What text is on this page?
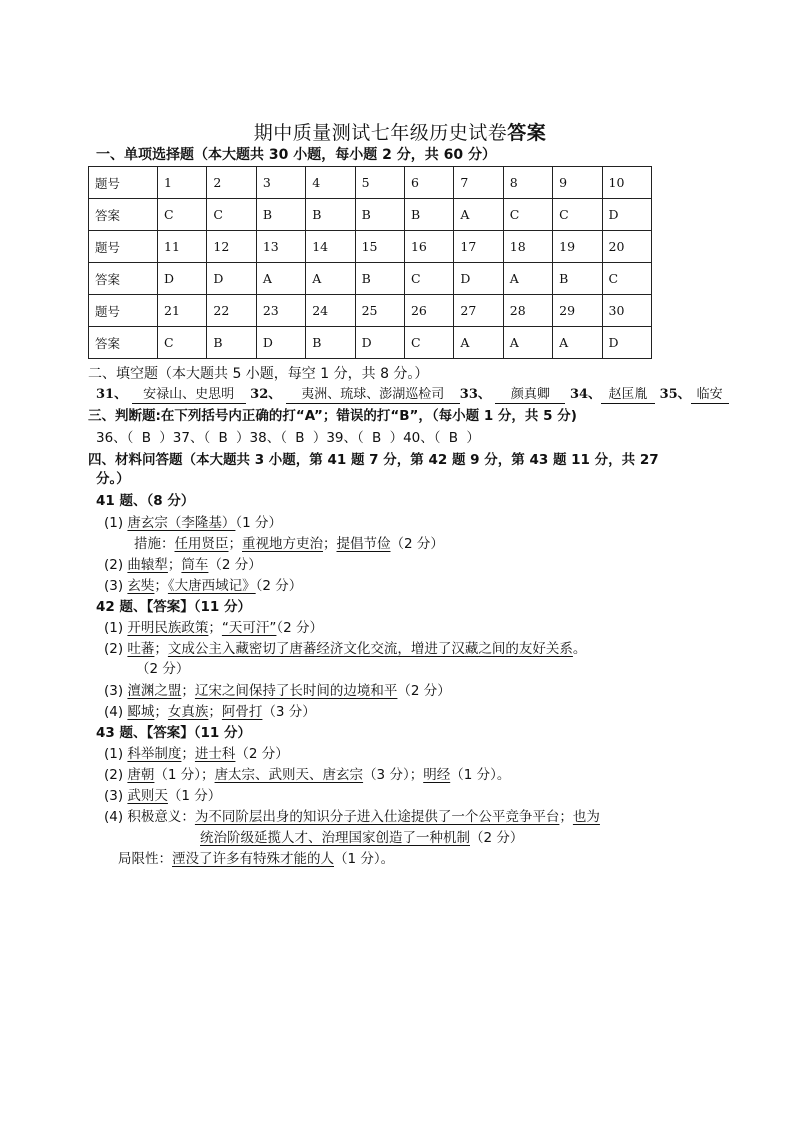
期中质量测试七年级历史试卷答案
一、单项选择题（本大题共 30 小题，每小题 2 分，共 60 分）
题号	1	2	3	4	5	6	7	8	9	10
答案	C	C	B	B	B	B	A	C	C	D
题号	11	12	13	14	15	16	17	18	19	20
答案	D	D	A	A	B	C	D	A	B	C
题号	21	22	23	24	25	26	27	28	29	30
答案	C	B	D	B	D	C	A	A	A	D
二、填空题（本大题共 5 小题，每空 1 分，共 8 分。）
31、 安禄山、史思明 32、 夷洲、琉球、澎湖巡检司 33、 颜真卿 34、 赵匡胤 35、 临安
三、判断题:在下列括号内正确的打“A”；错误的打“B”，（每小题 1 分，共 5 分)
36、（ B ）37、（ B ）38、（ B ）39、（ B ）40、（ B ）
四、材料问答题（本大题共 3 小题，第 41 题 7 分，第 42 题 9 分，第 43 题 11 分，共 27
分。）
41 题、（8 分）
(1) 唐玄宗（李隆基）（1 分）
措施：任用贤臣；重视地方吏治；提倡节俭（2 分）
(2) 曲辕犁；筒车（2 分）
(3) 玄奘；《大唐西域记》（2 分）
42 题、【答案】（11 分）
(1) 开明民族政策；“天可汗”（2 分）
(2) 吐蕃；文成公主入藏密切了唐蕃经济文化交流，增进了汉藏之间的友好关系。
（2 分）
(3) 澶渊之盟；辽宋之间保持了长时间的边境和平（2 分）
(4) 郾城；女真族；阿骨打（3 分）
43 题、【答案】（11 分）
(1) 科举制度；进士科（2 分）
(2) 唐朝（1 分）；唐太宗、武则天、唐玄宗（3 分）；明经（1 分）。
(3) 武则天（1 分）
(4) 积极意义：为不同阶层出身的知识分子进入仕途提供了一个公平竞争平台；也为
统治阶级延揽人才、治理国家创造了一种机制（2 分）
局限性：湮没了许多有特殊才能的人（1 分）。
